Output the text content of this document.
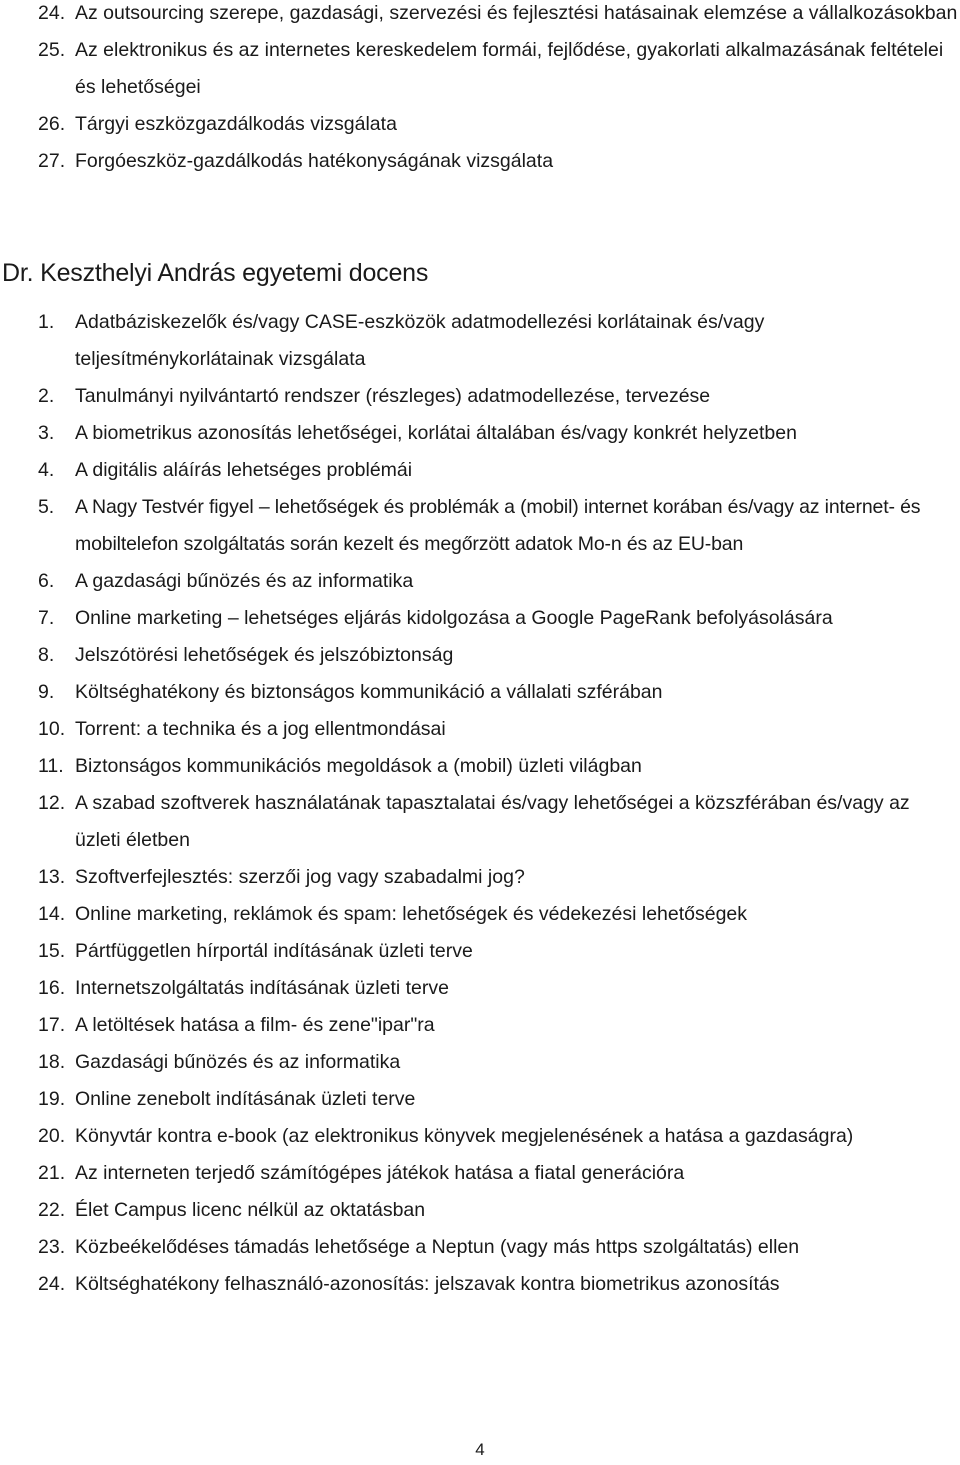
24. Az outsourcing szerepe, gazdasági, szervezési és fejlesztési hatásainak elemzése a vállalkozásokban
25. Az elektronikus és az internetes kereskedelem formái, fejlődése, gyakorlati alkalmazásának feltételei és lehetőségei
26. Tárgyi eszközgazdálkodás vizsgálata
27. Forgóeszköz-gazdálkodás hatékonyságának vizsgálata
Dr. Keszthelyi András egyetemi docens
1. Adatbáziskezelők és/vagy CASE-eszközök adatmodellezési korlátainak és/vagy teljesítménykorlátainak vizsgálata
2. Tanulmányi nyilvántartó rendszer (részleges) adatmodellezése, tervezése
3. A biometrikus azonosítás lehetőségei, korlátai általában és/vagy konkrét helyzetben
4. A digitális aláírás lehetséges problémái
5. A Nagy Testvér figyel – lehetőségek és problémák a (mobil) internet korában és/vagy az internet- és mobiltelefon szolgáltatás során kezelt és megőrzött adatok Mo-n és az EU-ban
6. A gazdasági bűnözés és az informatika
7. Online marketing – lehetséges eljárás kidolgozása a Google PageRank befolyásolására
8. Jelszótörési lehetőségek és jelszóbiztonság
9. Költséghatékony és biztonságos kommunikáció a vállalati szférában
10. Torrent: a technika és a jog ellentmondásai
11. Biztonságos kommunikációs megoldások a (mobil) üzleti világban
12. A szabad szoftverek használatának tapasztalatai és/vagy lehetőségei a közszférában és/vagy az üzleti életben
13. Szoftverfejlesztés: szerzői jog vagy szabadalmi jog?
14. Online marketing, reklámok és spam: lehetőségek és védekezési lehetőségek
15. Pártfüggetlen hírportál indításának üzleti terve
16. Internetszolgáltatás indításának üzleti terve
17. A letöltések hatása a film- és zene"ipar"ra
18. Gazdasági bűnözés és az informatika
19. Online zenebolt indításának üzleti terve
20. Könyvtár kontra e-book (az elektronikus könyvek megjelenésének a hatása a gazdaságra)
21. Az interneten terjedő számítógépes játékok hatása a fiatal generációra
22. Élet Campus licenc nélkül az oktatásban
23. Közbeékelődéses támadás lehetősége a Neptun (vagy más https szolgáltatás) ellen
24. Költséghatékony felhasználó-azonosítás: jelszavak kontra biometrikus azonosítás
4
